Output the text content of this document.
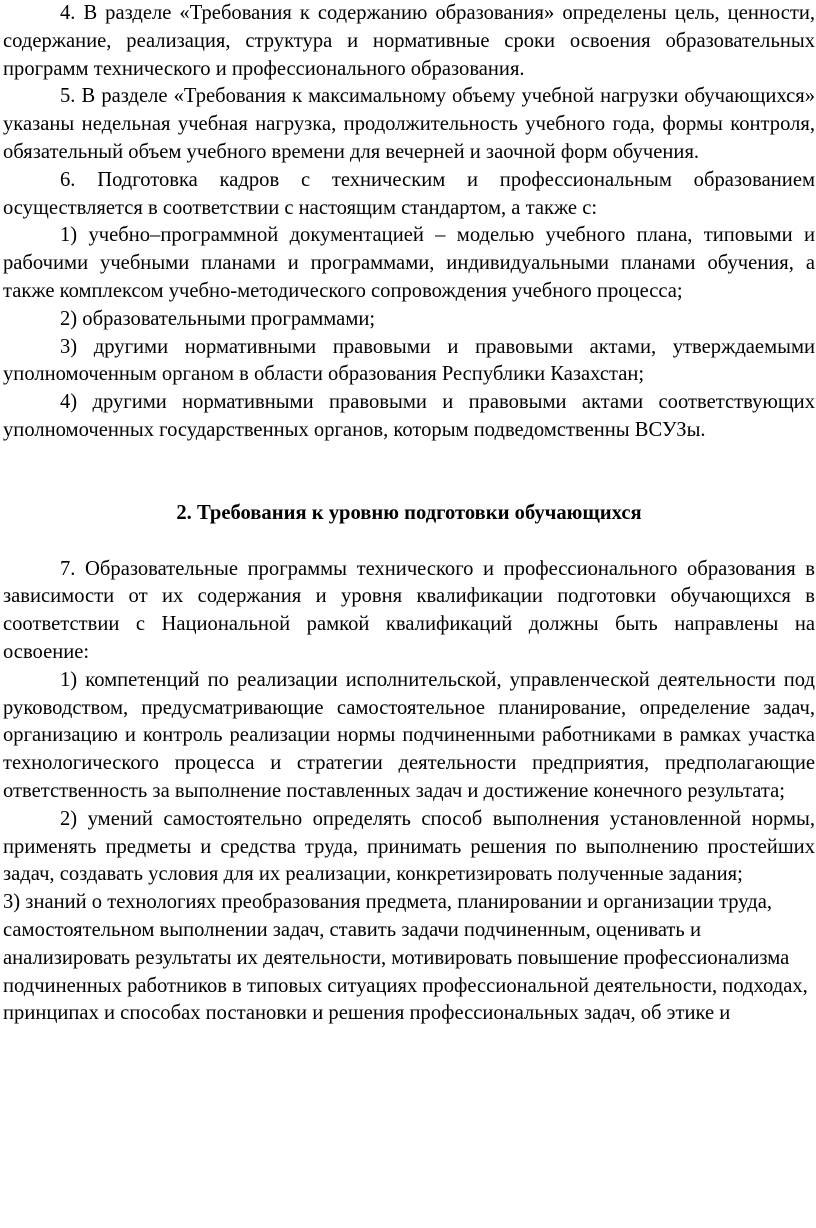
4. В разделе «Требования к содержанию образования» определены цель, ценности, содержание, реализация, структура и нормативные сроки освоения образовательных программ технического и профессионального образования.

5. В разделе «Требования к максимальному объему учебной нагрузки обучающихся» указаны недельная учебная нагрузка, продолжительность учебного года, формы контроля, обязательный объем учебного времени для вечерней и заочной форм обучения.

6. Подготовка кадров с техническим и профессиональным образованием осуществляется в соответствии с настоящим стандартом, а также с:

1) учебно–программной документацией – моделью учебного плана, типовыми и рабочими учебными планами и программами, индивидуальными планами обучения, а также комплексом учебно-методического сопровождения учебного процесса;

2) образовательными программами;

3) другими нормативными правовыми и правовыми актами, утверждаемыми уполномоченным органом в области образования Республики Казахстан;

4) другими нормативными правовыми и правовыми актами соответствующих уполномоченных государственных органов, которым подведомственны ВСУЗы.

2. Требования к уровню подготовки обучающихся

7. Образовательные программы технического и профессионального образования в зависимости от их содержания и уровня квалификации подготовки обучающихся в соответствии с Национальной рамкой квалификаций должны быть направлены на освоение:

1) компетенций по реализации исполнительской, управленческой деятельности под руководством, предусматривающие самостоятельное планирование, определение задач, организацию и контроль реализации нормы подчиненными работниками в рамках участка технологического процесса и стратегии деятельности предприятия, предполагающие ответственность за выполнение поставленных задач и достижение конечного результата;

2) умений самостоятельно определять способ выполнения установленной нормы, применять предметы и средства труда, принимать решения по выполнению простейших задач, создавать условия для их реализации, конкретизировать полученные задания;

3) знаний о технологиях преобразования предмета, планировании и организации труда, самостоятельном выполнении задач, ставить задачи подчиненным, оценивать и анализировать результаты их деятельности, мотивировать повышение профессионализма подчиненных работников в типовых ситуациях профессиональной деятельности, подходах, принципах и способах постановки и решения профессиональных задач, об этике и
